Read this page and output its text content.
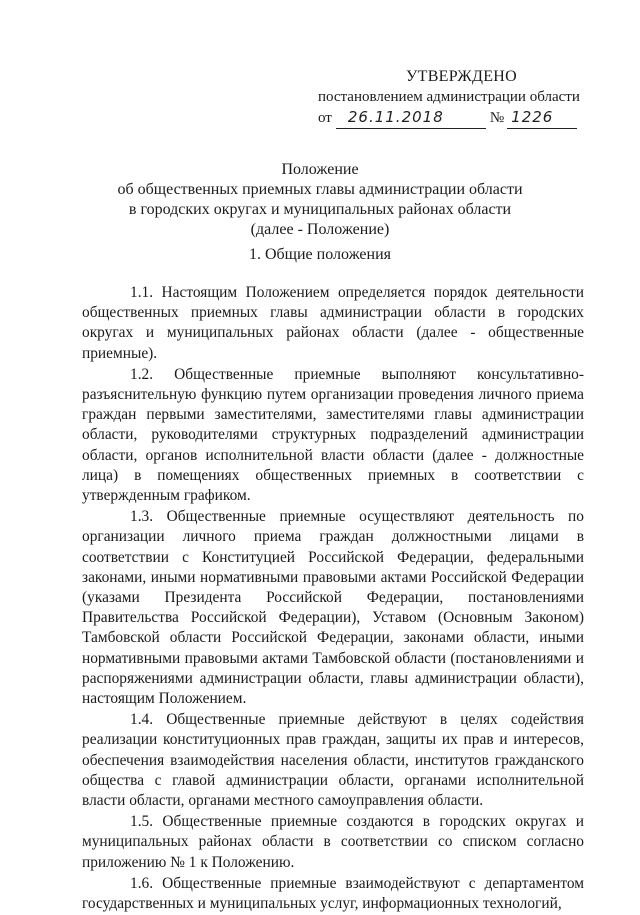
УТВЕРЖДЕНО
постановлением администрации области
от 26.11.2018	№ 1226
Положение
об общественных приемных главы администрации области
в городских округах и муниципальных районах области
(далее - Положение)
1. Общие положения

1.1. Настоящим Положением определяется порядок деятельности общественных приемных главы администрации области в городских округах и муниципальных районах области (далее - общественные приемные).

1.2. Общественные приемные выполняют консультативно-разъяснительную функцию путем организации проведения личного приема граждан первыми заместителями, заместителями главы администрации области, руководителями структурных подразделений администрации области, органов исполнительной власти области (далее - должностные лица) в помещениях общественных приемных в соответствии с утвержденным графиком.

1.3. Общественные приемные осуществляют деятельность по организации личного приема граждан должностными лицами в соответствии с Конституцией Российской Федерации, федеральными законами, иными нормативными правовыми актами Российской Федерации (указами Президента Российской Федерации, постановлениями Правительства Российской Федерации), Уставом (Основным Законом) Тамбовской области Российской Федерации, законами области, иными нормативными правовыми актами Тамбовской области (постановлениями и распоряжениями администрации области, главы администрации области), настоящим Положением.

1.4. Общественные приемные действуют в целях содействия реализации конституционных прав граждан, защиты их прав и интересов, обеспечения взаимодействия населения области, институтов гражданского общества с главой администрации области, органами исполнительной власти области, органами местного самоуправления области.

1.5. Общественные приемные создаются в городских округах и муниципальных районах области в соответствии со списком согласно приложению № 1 к Положению.

1.6. Общественные приемные взаимодействуют с департаментом государственных и муниципальных услуг, информационных технологий,
